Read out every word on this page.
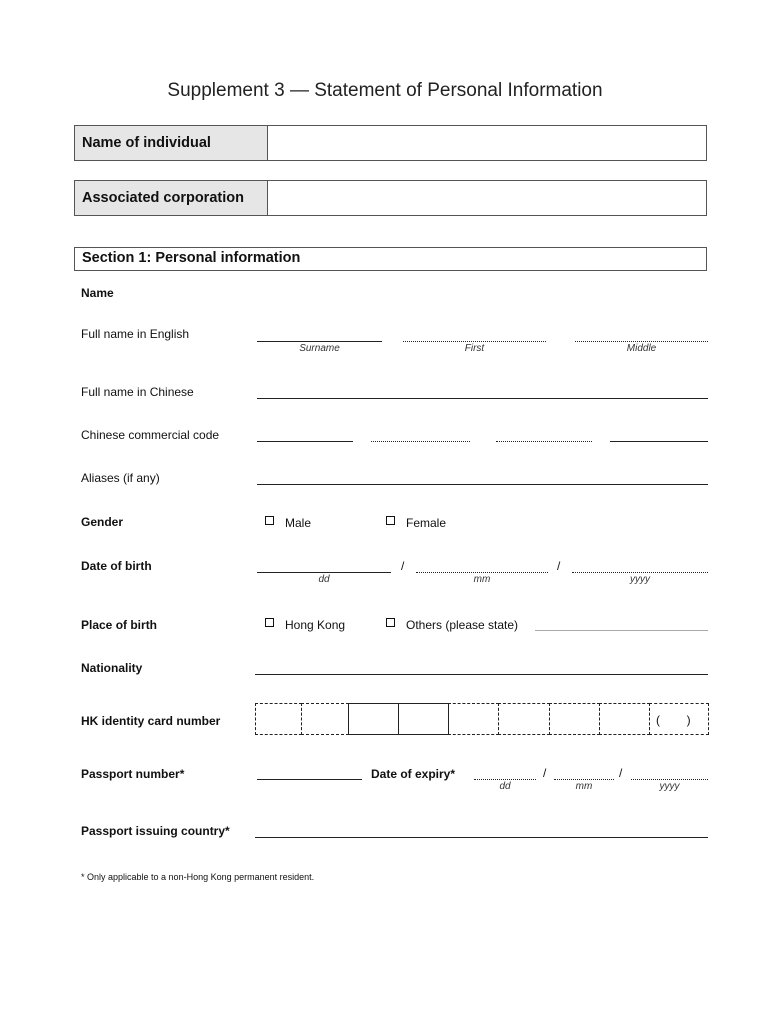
Supplement 3 — Statement of Personal Information
Name of individual
Associated corporation
Section 1: Personal information
Name
Full name in English
Surname	First	Middle
Full name in Chinese
Chinese commercial code
Aliases (if any)
Gender	Male	Female
Date of birth	/	/
dd	mm	yyyy
Place of birth	Hong Kong	Others (please state)
Nationality
HK identity card number	(        )
Passport number*	Date of expiry*	/	/
dd	mm	yyyy
Passport issuing country*
* Only applicable to a non-Hong Kong permanent resident.
